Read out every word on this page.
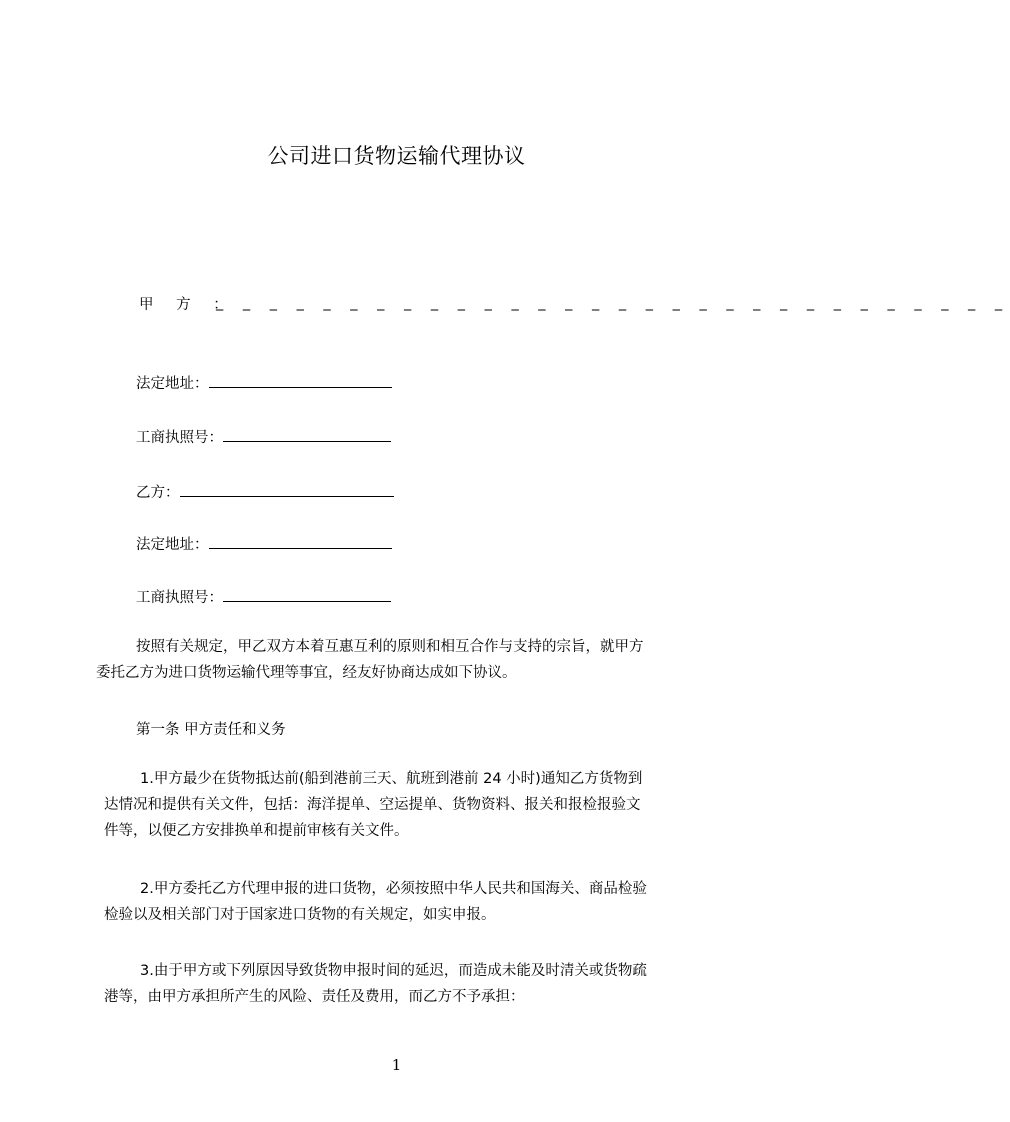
公司进口货物运输代理协议
甲 方 ：
_ _ _ _ _ _ _ _ _ _ _ _ _ _ _ _ _ _ _ _ _ _ _ _ _ _ _ _ _ _
法定地址：
工商执照号：
乙方：
法定地址：
工商执照号：
按照有关规定，甲乙双方本着互惠互利的原则和相互合作与支持的宗旨，就甲方
委托乙方为进口货物运输代理等事宜，经友好协商达成如下协议。
第一条 甲方责任和义务
1.甲方最少在货物抵达前(船到港前三天、航班到港前 24 小时)通知乙方货物到
达情况和提供有关文件，包括：海洋提单、空运提单、货物资料、报关和报检报验文
件等，以便乙方安排换单和提前审核有关文件。
2.甲方委托乙方代理申报的进口货物，必须按照中华人民共和国海关、商品检验
检验以及相关部门对于国家进口货物的有关规定，如实申报。
3.由于甲方或下列原因导致货物申报时间的延迟，而造成未能及时清关或货物疏
港等，由甲方承担所产生的风险、责任及费用，而乙方不予承担：
1
